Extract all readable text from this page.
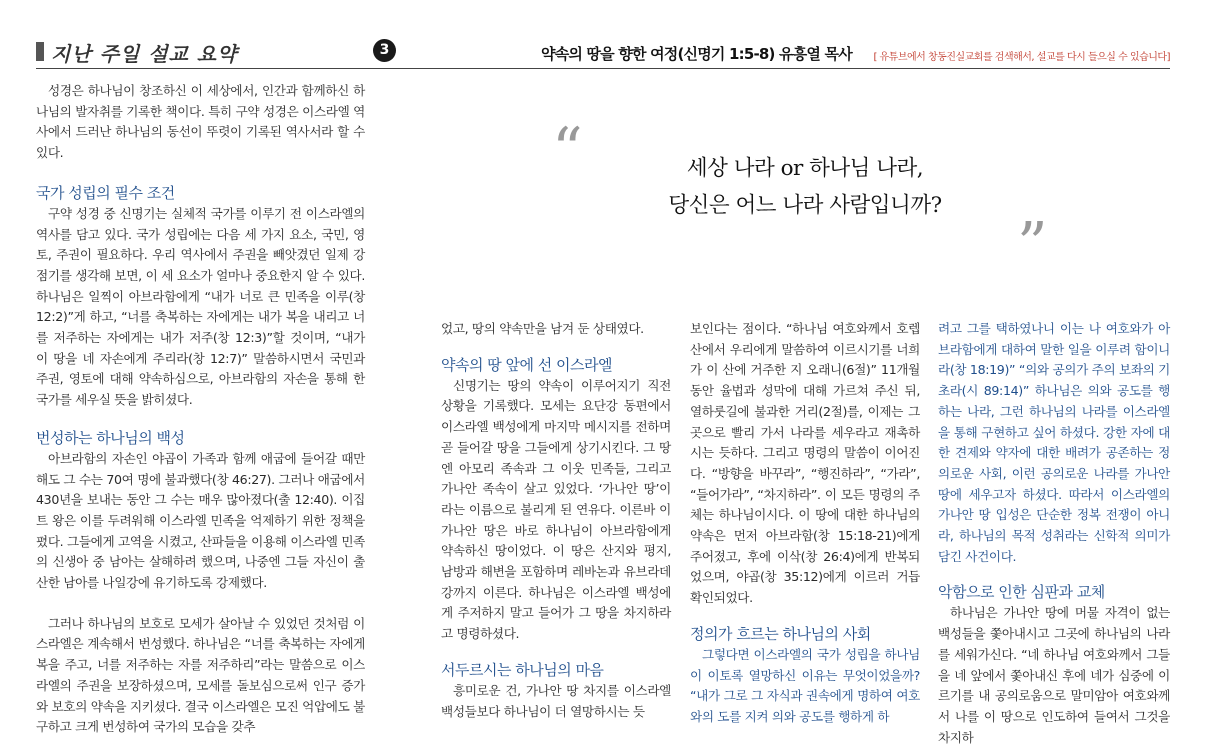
지난 주일 설교 요약	3	약속의 땅을 향한 여정(신명기 1:5-8) 유흥열 목사 [ 유튜브에서 창동진실교회를 검색해서, 설교를 다시 들으실 수 있습니다]

성경은 하나님이 창조하신 이 세상에서, 인간과 함께하신 하나님의 발자취를 기록한 책이다. 특히 구약 성경은 이스라엘 역사에서 드러난 하나님의 동선이 뚜렷이 기록된 역사서라 할 수 있다.

국가 성립의 필수 조건

구약 성경 중 신명기는 실체적 국가를 이루기 전 이스라엘의 역사를 담고 있다. 국가 성립에는 다음 세 가지 요소, 국민, 영토, 주권이 필요하다. 우리 역사에서 주권을 빼앗겼던 일제 강점기를 생각해 보면, 이 세 요소가 얼마나 중요한지 알 수 있다. 하나님은 일찍이 아브라함에게 “내가 너로 큰 민족을 이루(창 12:2)”게 하고, “너를 축복하는 자에게는 내가 복을 내리고 너를 저주하는 자에게는 내가 저주(창 12:3)”할 것이며, “내가 이 땅을 네 자손에게 주리라(창 12:7)” 말씀하시면서 국민과 주권, 영토에 대해 약속하심으로, 아브라함의 자손을 통해 한 국가를 세우실 뜻을 밝히셨다.

번성하는 하나님의 백성

아브라함의 자손인 야곱이 가족과 함께 애굽에 들어갈 때만 해도 그 수는 70여 명에 불과했다(창 46:27). 그러나 애굽에서 430년을 보내는 동안 그 수는 매우 많아졌다(출 12:40). 이집트 왕은 이를 두려워해 이스라엘 민족을 억제하기 위한 정책을 폈다. 그들에게 고역을 시켰고, 산파들을 이용해 이스라엘 민족의 신생아 중 남아는 살해하려 했으며, 나중엔 그들 자신이 출산한 남아를 나일강에 유기하도록 강제했다.

그러나 하나님의 보호로 모세가 살아날 수 있었던 것처럼 이스라엘은 계속해서 번성했다. 하나님은 “너를 축복하는 자에게 복을 주고, 너를 저주하는 자를 저주하리”라는 말씀으로 이스라엘의 주권을 보장하셨으며, 모세를 돌보심으로써 인구 증가와 보호의 약속을 지키셨다. 결국 이스라엘은 모진 억압에도 불구하고 크게 번성하여 국가의 모습을 갖추

“	세상 나라 or 하나님 나라,
당신은 어느 나라 사람입니까?
”

었고, 땅의 약속만을 남겨 둔 상태였다.

약속의 땅 앞에 선 이스라엘

신명기는 땅의 약속이 이루어지기 직전 상황을 기록했다. 모세는 요단강 동편에서 이스라엘 백성에게 마지막 메시지를 전하며 곧 들어갈 땅을 그들에게 상기시킨다. 그 땅엔 아모리 족속과 그 이웃 민족들, 그리고 가나안 족속이 살고 있었다. ‘가나안 땅’이라는 이름으로 불리게 된 연유다. 이른바 이 가나안 땅은 바로 하나님이 아브라함에게 약속하신 땅이었다. 이 땅은 산지와 평지, 남방과 해변을 포함하며 레바논과 유브라데 강까지 이른다. 하나님은 이스라엘 백성에게 주저하지 말고 들어가 그 땅을 차지하라고 명령하셨다.

서두르시는 하나님의 마음

흥미로운 건, 가나안 땅 차지를 이스라엘 백성들보다 하나님이 더 열망하시는 듯

보인다는 점이다. “하나님 여호와께서 호렙산에서 우리에게 말씀하여 이르시기를 너희가 이 산에 거주한 지 오래니(6절)” 11개월 동안 율법과 성막에 대해 가르쳐 주신 뒤, 열하룻길에 불과한 거리(2절)를, 이제는 그곳으로 빨리 가서 나라를 세우라고 재촉하시는 듯하다. 그리고 명령의 말씀이 이어진다. “방향을 바꾸라”, “행진하라”, “가라”, “들어가라”, “차지하라”. 이 모든 명령의 주체는 하나님이시다. 이 땅에 대한 하나님의 약속은 먼저 아브라함(창 15:18-21)에게 주어졌고, 후에 이삭(창 26:4)에게 반복되었으며, 야곱(창 35:12)에게 이르러 거듭 확인되었다.

정의가 흐르는 하나님의 사회

그렇다면 이스라엘의 국가 성립을 하나님이 이토록 열망하신 이유는 무엇이었을까? “내가 그로 그 자식과 권속에게 명하여 여호와의 도를 지켜 의와 공도를 행하게 하

려고 그를 택하였나니 이는 나 여호와가 아브라함에게 대하여 말한 일을 이루려 함이니라(창 18:19)” “의와 공의가 주의 보좌의 기초라(시 89:14)” 하나님은 의와 공도를 행하는 나라, 그런 하나님의 나라를 이스라엘을 통해 구현하고 싶어 하셨다. 강한 자에 대한 견제와 약자에 대한 배려가 공존하는 정의로운 사회, 이런 공의로운 나라를 가나안 땅에 세우고자 하셨다. 따라서 이스라엘의 가나안 땅 입성은 단순한 정복 전쟁이 아니라, 하나님의 목적 성취라는 신학적 의미가 담긴 사건이다.

악함으로 인한 심판과 교체

하나님은 가나안 땅에 머물 자격이 없는 백성들을 쫓아내시고 그곳에 하나님의 나라를 세워가신다. “네 하나님 여호와께서 그들을 네 앞에서 쫓아내신 후에 네가 심중에 이르기를 내 공의로움으로 말미암아 여호와께서 나를 이 땅으로 인도하여 들여서 그것을 차지하
